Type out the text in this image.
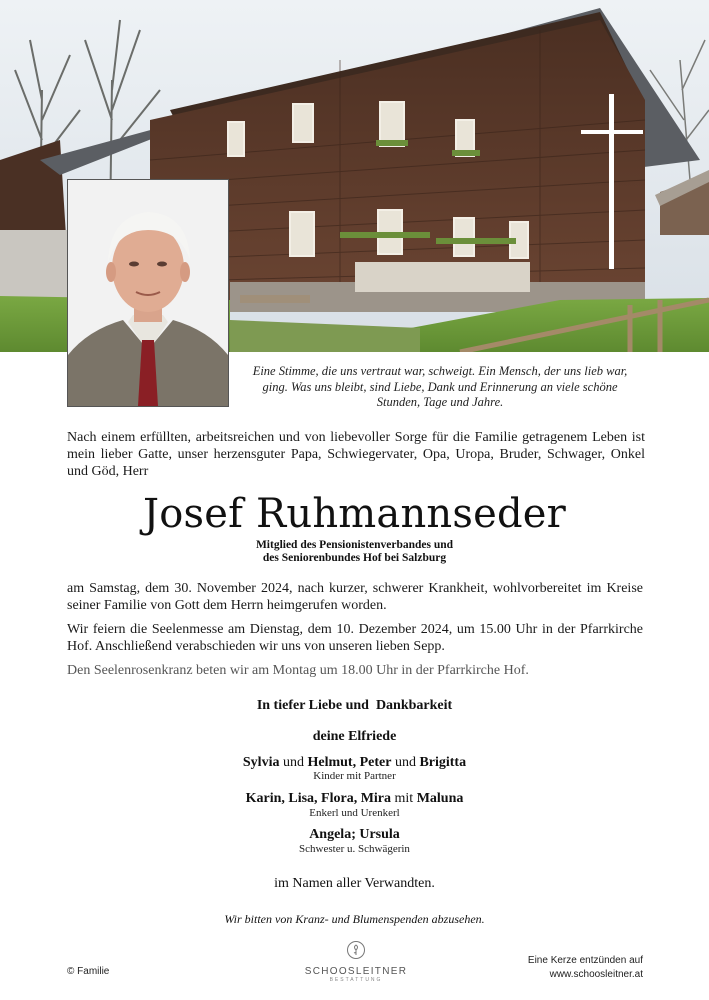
Eine Stimme, die uns vertraut war, schweigt. Ein Mensch, der uns lieb war, ging. Was uns bleibt, sind Liebe, Dank und Erinnerung an viele schöne Stunden, Tage und Jahre.
Nach einem erfüllten, arbeitsreichen und von liebevoller Sorge für die Familie getragenem Leben ist mein lieber Gatte, unser herzensguter Papa, Schwiegervater, Opa, Uropa, Bruder, Schwager, Onkel und Göd, Herr
Josef Ruhmannseder
Mitglied des Pensionistenverbandes und
des Seniorenbundes Hof bei Salzburg
am Samstag, dem 30. November 2024, nach kurzer, schwerer Krankheit, wohlvorbereitet im Kreise seiner Familie von Gott dem Herrn heimgerufen worden.
Wir feiern die Seelenmesse am Dienstag, dem 10. Dezember 2024, um 15.00 Uhr in der Pfarrkirche Hof. Anschließend verabschieden wir uns von unseren lieben Sepp.
Den Seelenrosenkranz beten wir am Montag um 18.00 Uhr in der Pfarrkirche Hof.
In tiefer Liebe und  Dankbarkeit
deine Elfriede
Sylvia und Helmut, Peter und Brigitta
Kinder mit Partner
Karin, Lisa, Flora, Mira mit Maluna
Enkerl und Urenkerl
Angela; Ursula
Schwester u. Schwägerin
im Namen aller Verwandten.
Wir bitten von Kranz- und Blumenspenden abzusehen.
© Familie	SCHOOSLEITNER
BESTATTUNG
Eine Kerze entzünden auf
www.schoosleitner.at
